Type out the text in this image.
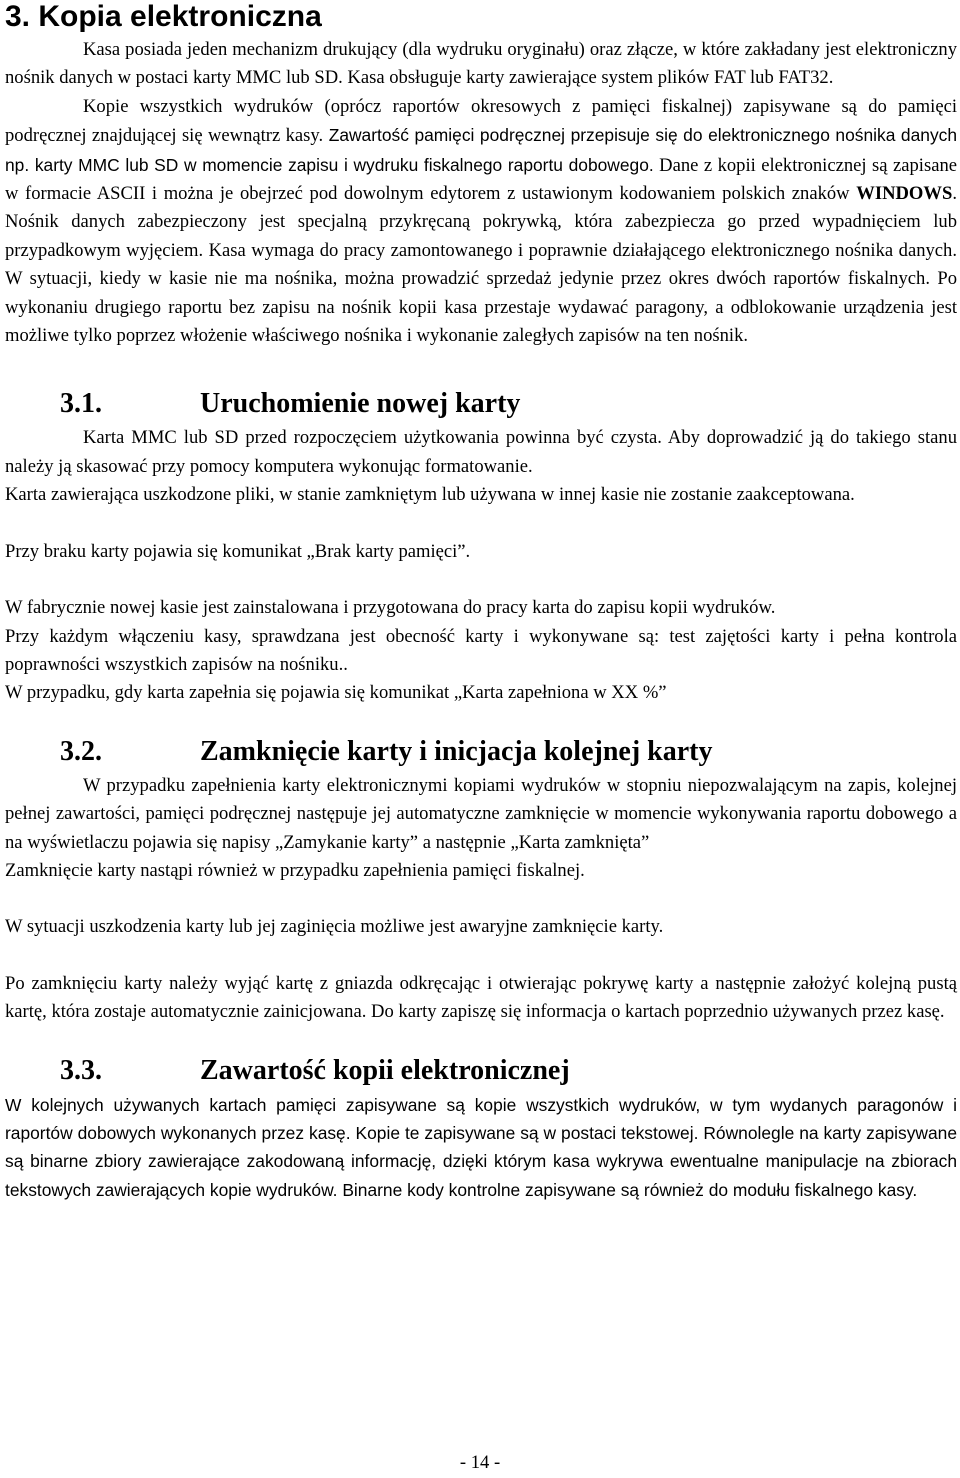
3. Kopia elektroniczna

Kasa posiada jeden mechanizm drukujący (dla wydruku oryginału) oraz złącze, w które zakładany jest elektroniczny nośnik danych w postaci karty MMC lub SD. Kasa obsługuje karty zawierające system plików FAT lub FAT32.

Kopie wszystkich wydruków (oprócz raportów okresowych z pamięci fiskalnej) zapisywane są do pamięci podręcznej znajdującej się wewnątrz kasy. Zawartość pamięci podręcznej przepisuje się do elektronicznego nośnika danych np. karty MMC lub SD w momencie zapisu i wydruku fiskalnego raportu dobowego. Dane z kopii elektronicznej są zapisane w formacie ASCII i można je obejrzeć pod dowolnym edytorem z ustawionym kodowaniem polskich znaków WINDOWS. Nośnik danych zabezpieczony jest specjalną przykręcaną pokrywką, która zabezpiecza go przed wypadnięciem lub przypadkowym wyjęciem. Kasa wymaga do pracy zamontowanego i poprawnie działającego elektronicznego nośnika danych. W sytuacji, kiedy w kasie nie ma nośnika, można prowadzić sprzedaż jedynie przez okres dwóch raportów fiskalnych. Po wykonaniu drugiego raportu bez zapisu na nośnik kopii kasa przestaje wydawać paragony, a odblokowanie urządzenia jest możliwe tylko poprzez włożenie właściwego nośnika i wykonanie zaległych zapisów na ten nośnik.

3.1.	Uruchomienie nowej karty

Karta MMC lub SD przed rozpoczęciem użytkowania powinna być czysta. Aby doprowadzić ją do takiego stanu należy ją skasować przy pomocy komputera wykonując formatowanie.

Karta zawierająca uszkodzone pliki, w stanie zamkniętym lub używana w innej kasie nie zostanie zaakceptowana.

Przy braku karty pojawia się komunikat „Brak karty pamięci”.

W fabrycznie nowej kasie jest zainstalowana i przygotowana do pracy karta do zapisu kopii wydruków.

Przy każdym włączeniu kasy, sprawdzana jest obecność karty i wykonywane są: test zajętości karty i pełna kontrola poprawności wszystkich zapisów na nośniku..

W przypadku, gdy karta zapełnia się pojawia się komunikat „Karta zapełniona w XX %”

3.2.	Zamknięcie karty i inicjacja kolejnej karty

W przypadku zapełnienia karty elektronicznymi kopiami wydruków w stopniu niepozwalającym na zapis, kolejnej pełnej zawartości, pamięci podręcznej następuje jej automatyczne zamknięcie w momencie wykonywania raportu dobowego a na wyświetlaczu pojawia się napisy „Zamykanie karty” a następnie „Karta zamknięta”

Zamknięcie karty nastąpi również w przypadku zapełnienia pamięci fiskalnej.

W sytuacji uszkodzenia karty lub jej zaginięcia możliwe jest awaryjne zamknięcie karty.

Po zamknięciu karty należy wyjąć kartę z gniazda odkręcając i otwierając pokrywę karty a następnie założyć kolejną pustą kartę, która zostaje automatycznie zainicjowana. Do karty zapiszę się informacja o kartach poprzednio używanych przez kasę.

3.3.	Zawartość kopii elektronicznej

W kolejnych używanych kartach pamięci zapisywane są kopie wszystkich wydruków, w tym wydanych paragonów i raportów dobowych wykonanych przez kasę. Kopie te zapisywane są w postaci tekstowej. Równolegle na karty zapisywane są binarne zbiory zawierające zakodowaną informację, dzięki którym kasa wykrywa ewentualne manipulacje na zbiorach tekstowych zawierających kopie wydruków. Binarne kody kontrolne zapisywane są również do modułu fiskalnego kasy.

- 14 -
